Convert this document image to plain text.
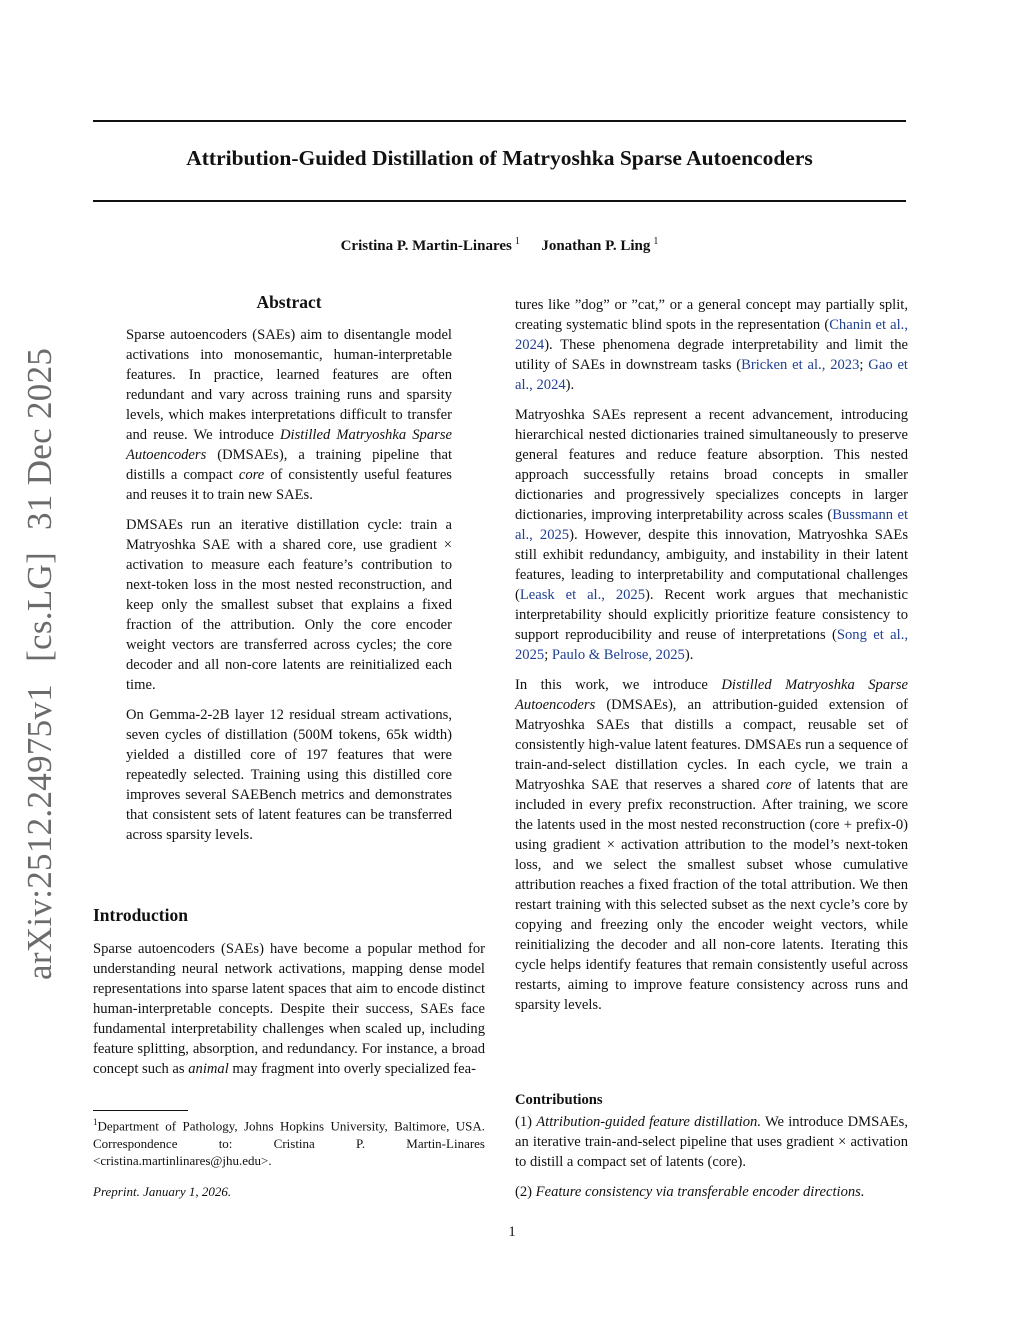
Attribution-Guided Distillation of Matryoshka Sparse Autoencoders
Cristina P. Martin-Linares $^1$ Jonathan P. Ling $^1$
arXiv:2512.24975v1[cs.LG]31 Dec 2025
Abstract

Sparse autoencoders (SAEs) aim to disentangle model activations into monosemantic, human-interpretable features. In practice, learned features are often redundant and vary across training runs and sparsity levels, which makes interpretations difficult to transfer and reuse. We introduce Distilled Matryoshka Sparse Autoencoders (DMSAEs), a training pipeline that distills a compact core of consistently useful features and reuses it to train new SAEs.

DMSAEs run an iterative distillation cycle: train a Matryoshka SAE with a shared core, use gradient × activation to measure each feature’s contribution to next-token loss in the most nested reconstruction, and keep only the smallest subset that explains a fixed fraction of the attribution. Only the core encoder weight vectors are transferred across cycles; the core decoder and all non-core latents are reinitialized each time.

On Gemma-2-2B layer 12 residual stream activations, seven cycles of distillation (500M tokens, 65k width) yielded a distilled core of 197 features that were repeatedly selected. Training using this distilled core improves several SAEBench metrics and demonstrates that consistent sets of latent features can be transferred across sparsity levels.

Introduction

Sparse autoencoders (SAEs) have become a popular method for understanding neural network activations, mapping dense model representations into sparse latent spaces that aim to encode distinct human-interpretable concepts. Despite their success, SAEs face fundamental interpretability challenges when scaled up, including feature splitting, absorption, and redundancy. For instance, a broad concept such as animal may fragment into overly specialized fea-

$^1$Department of Pathology, Johns Hopkins University, Baltimore, USA. Correspondence to: Cristina P. Martin-Linares <cristina.martinlinares@jhu.edu>.
Preprint. January 1, 2026.

tures like ”dog” or ”cat,” or a general concept may partially split, creating systematic blind spots in the representation (Chanin et al., 2024). These phenomena degrade interpretability and limit the utility of SAEs in downstream tasks (Bricken et al., 2023; Gao et al., 2024).

Matryoshka SAEs represent a recent advancement, introducing hierarchical nested dictionaries trained simultaneously to preserve general features and reduce feature absorption. This nested approach successfully retains broad concepts in smaller dictionaries and progressively specializes concepts in larger dictionaries, improving interpretability across scales (Bussmann et al., 2025). However, despite this innovation, Matryoshka SAEs still exhibit redundancy, ambiguity, and instability in their latent features, leading to interpretability and computational challenges (Leask et al., 2025). Recent work argues that mechanistic interpretability should explicitly prioritize feature consistency to support reproducibility and reuse of interpretations (Song et al., 2025; Paulo & Belrose, 2025).

In this work, we introduce Distilled Matryoshka Sparse Autoencoders (DMSAEs), an attribution-guided extension of Matryoshka SAEs that distills a compact, reusable set of consistently high-value latent features. DMSAEs run a sequence of train-and-select distillation cycles. In each cycle, we train a Matryoshka SAE that reserves a shared core of latents that are included in every prefix reconstruction. After training, we score the latents used in the most nested reconstruction (core + prefix-0) using gradient × activation attribution to the model’s next-token loss, and we select the smallest subset whose cumulative attribution reaches a fixed fraction of the total attribution. We then restart training with this selected subset as the next cycle’s core by copying and freezing only the encoder weight vectors, while reinitializing the decoder and all non-core latents. Iterating this cycle helps identify features that remain consistently useful across restarts, aiming to improve feature consistency across runs and sparsity levels.

Contributions

(1) Attribution-guided feature distillation. We introduce DMSAEs, an iterative train-and-select pipeline that uses gradient × activation to distill a compact set of latents (core).

(2) Feature consistency via transferable encoder directions.

1
